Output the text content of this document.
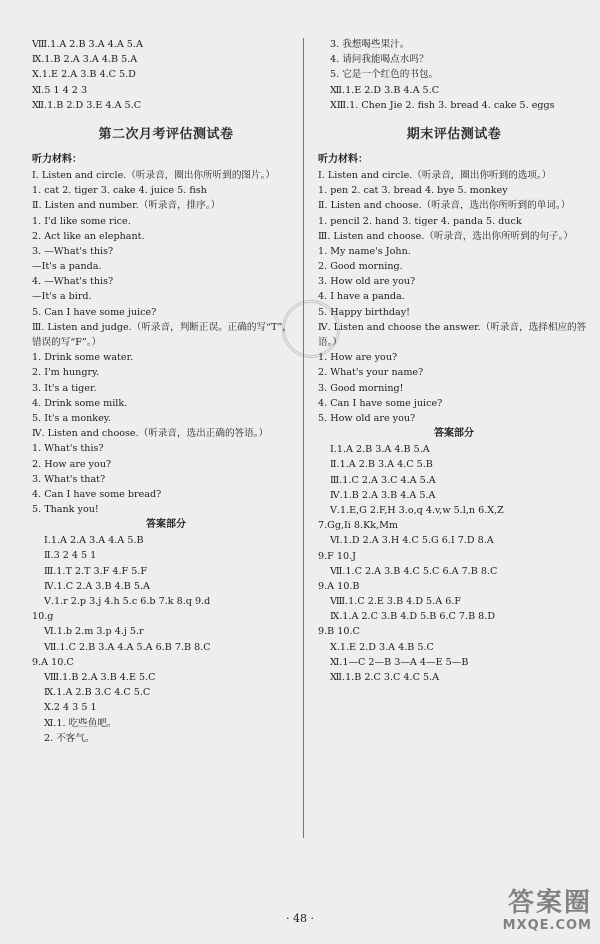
Ⅷ.1.A 2.B 3.A 4.A 5.A
Ⅸ.1.B 2.A 3.A 4.B 5.A
Ⅹ.1.E 2.A 3.B 4.C 5.D
Ⅺ.5 1 4 2 3
Ⅻ.1.B 2.D 3.E 4.A 5.C
第二次月考评估测试卷
听力材料：
Ⅰ. Listen and circle.（听录音，圈出你所听到的图片。）
1. cat 2. tiger 3. cake 4. juice 5. fish
Ⅱ. Listen and number.（听录音，排序。）
1. I'd like some rice.
2. Act like an elephant.
3. —What's this?
—It's a panda.
4. —What's this?
—It's a bird.
5. Can I have some juice?
Ⅲ. Listen and judge.（听录音，判断正误。正确的写“T”，错误的写“F”。）
1. Drink some water.
2. I'm hungry.
3. It's a tiger.
4. Drink some milk.
5. It's a monkey.
Ⅳ. Listen and choose.（听录音，选出正确的答语。）
1. What's this?
2. How are you?
3. What's that?
4. Can I have some bread?
5. Thank you!
答案部分
Ⅰ.1.A 2.A 3.A 4.A 5.B
Ⅱ.3 2 4 5 1
Ⅲ.1.T 2.T 3.F 4.F 5.F
Ⅳ.1.C 2.A 3.B 4.B 5.A
Ⅴ.1.r 2.p 3.j 4.h 5.c 6.b 7.k 8.q 9.d
10.g
Ⅵ.1.b 2.m 3.p 4.j 5.r
Ⅶ.1.C 2.B 3.A 4.A 5.A 6.B 7.B 8.C
9.A 10.C
Ⅷ.1.B 2.A 3.B 4.E 5.C
Ⅸ.1.A 2.B 3.C 4.C 5.C
Ⅹ.2 4 3 5 1
Ⅺ.1. 吃些鱼吧。
2. 不客气。
3. 我想喝些果汁。
4. 请问我能喝点水吗？
5. 它是一个红色的书包。
Ⅻ.1.E 2.D 3.B 4.A 5.C
ⅩⅢ.1. Chen Jie 2. fish 3. bread 4. cake 5. eggs
期末评估测试卷
听力材料：
Ⅰ. Listen and circle.（听录音，圈出你听到的选项。）
1. pen 2. cat 3. bread 4. bye 5. monkey
Ⅱ. Listen and choose.（听录音，选出你所听到的单词。）
1. pencil 2. hand 3. tiger 4. panda 5. duck
Ⅲ. Listen and choose.（听录音，选出你所听到的句子。）
1. My name's John.
2. Good morning.
3. How old are you?
4. I have a panda.
5. Happy birthday!
Ⅳ. Listen and choose the answer.（听录音，选择相应的答语。）
1. How are you?
2. What's your name?
3. Good morning!
4. Can I have some juice?
5. How old are you?
答案部分
Ⅰ.1.A 2.B 3.A 4.B 5.A
Ⅱ.1.A 2.B 3.A 4.C 5.B
Ⅲ.1.C 2.A 3.C 4.A 5.A
Ⅳ.1.B 2.A 3.B 4.A 5.A
Ⅴ.1.E,G 2.F,H 3.o,q 4.v,w 5.l,n 6.X,Z
7.Gg,Ii 8.Kk,Mm
Ⅵ.1.D 2.A 3.H 4.C 5.G 6.I 7.D 8.A
9.F 10.J
Ⅶ.1.C 2.A 3.B 4.C 5.C 6.A 7.B 8.C
9.A 10.B
Ⅷ.1.C 2.E 3.B 4.D 5.A 6.F
Ⅸ.1.A 2.C 3.B 4.D 5.B 6.C 7.B 8.D
9.B 10.C
Ⅹ.1.E 2.D 3.A 4.B 5.C
Ⅺ.1—C 2—B 3—A 4—E 5—B
Ⅻ.1.B 2.C 3.C 4.C 5.A
· 48 ·
答案圈
MXQE.COM
